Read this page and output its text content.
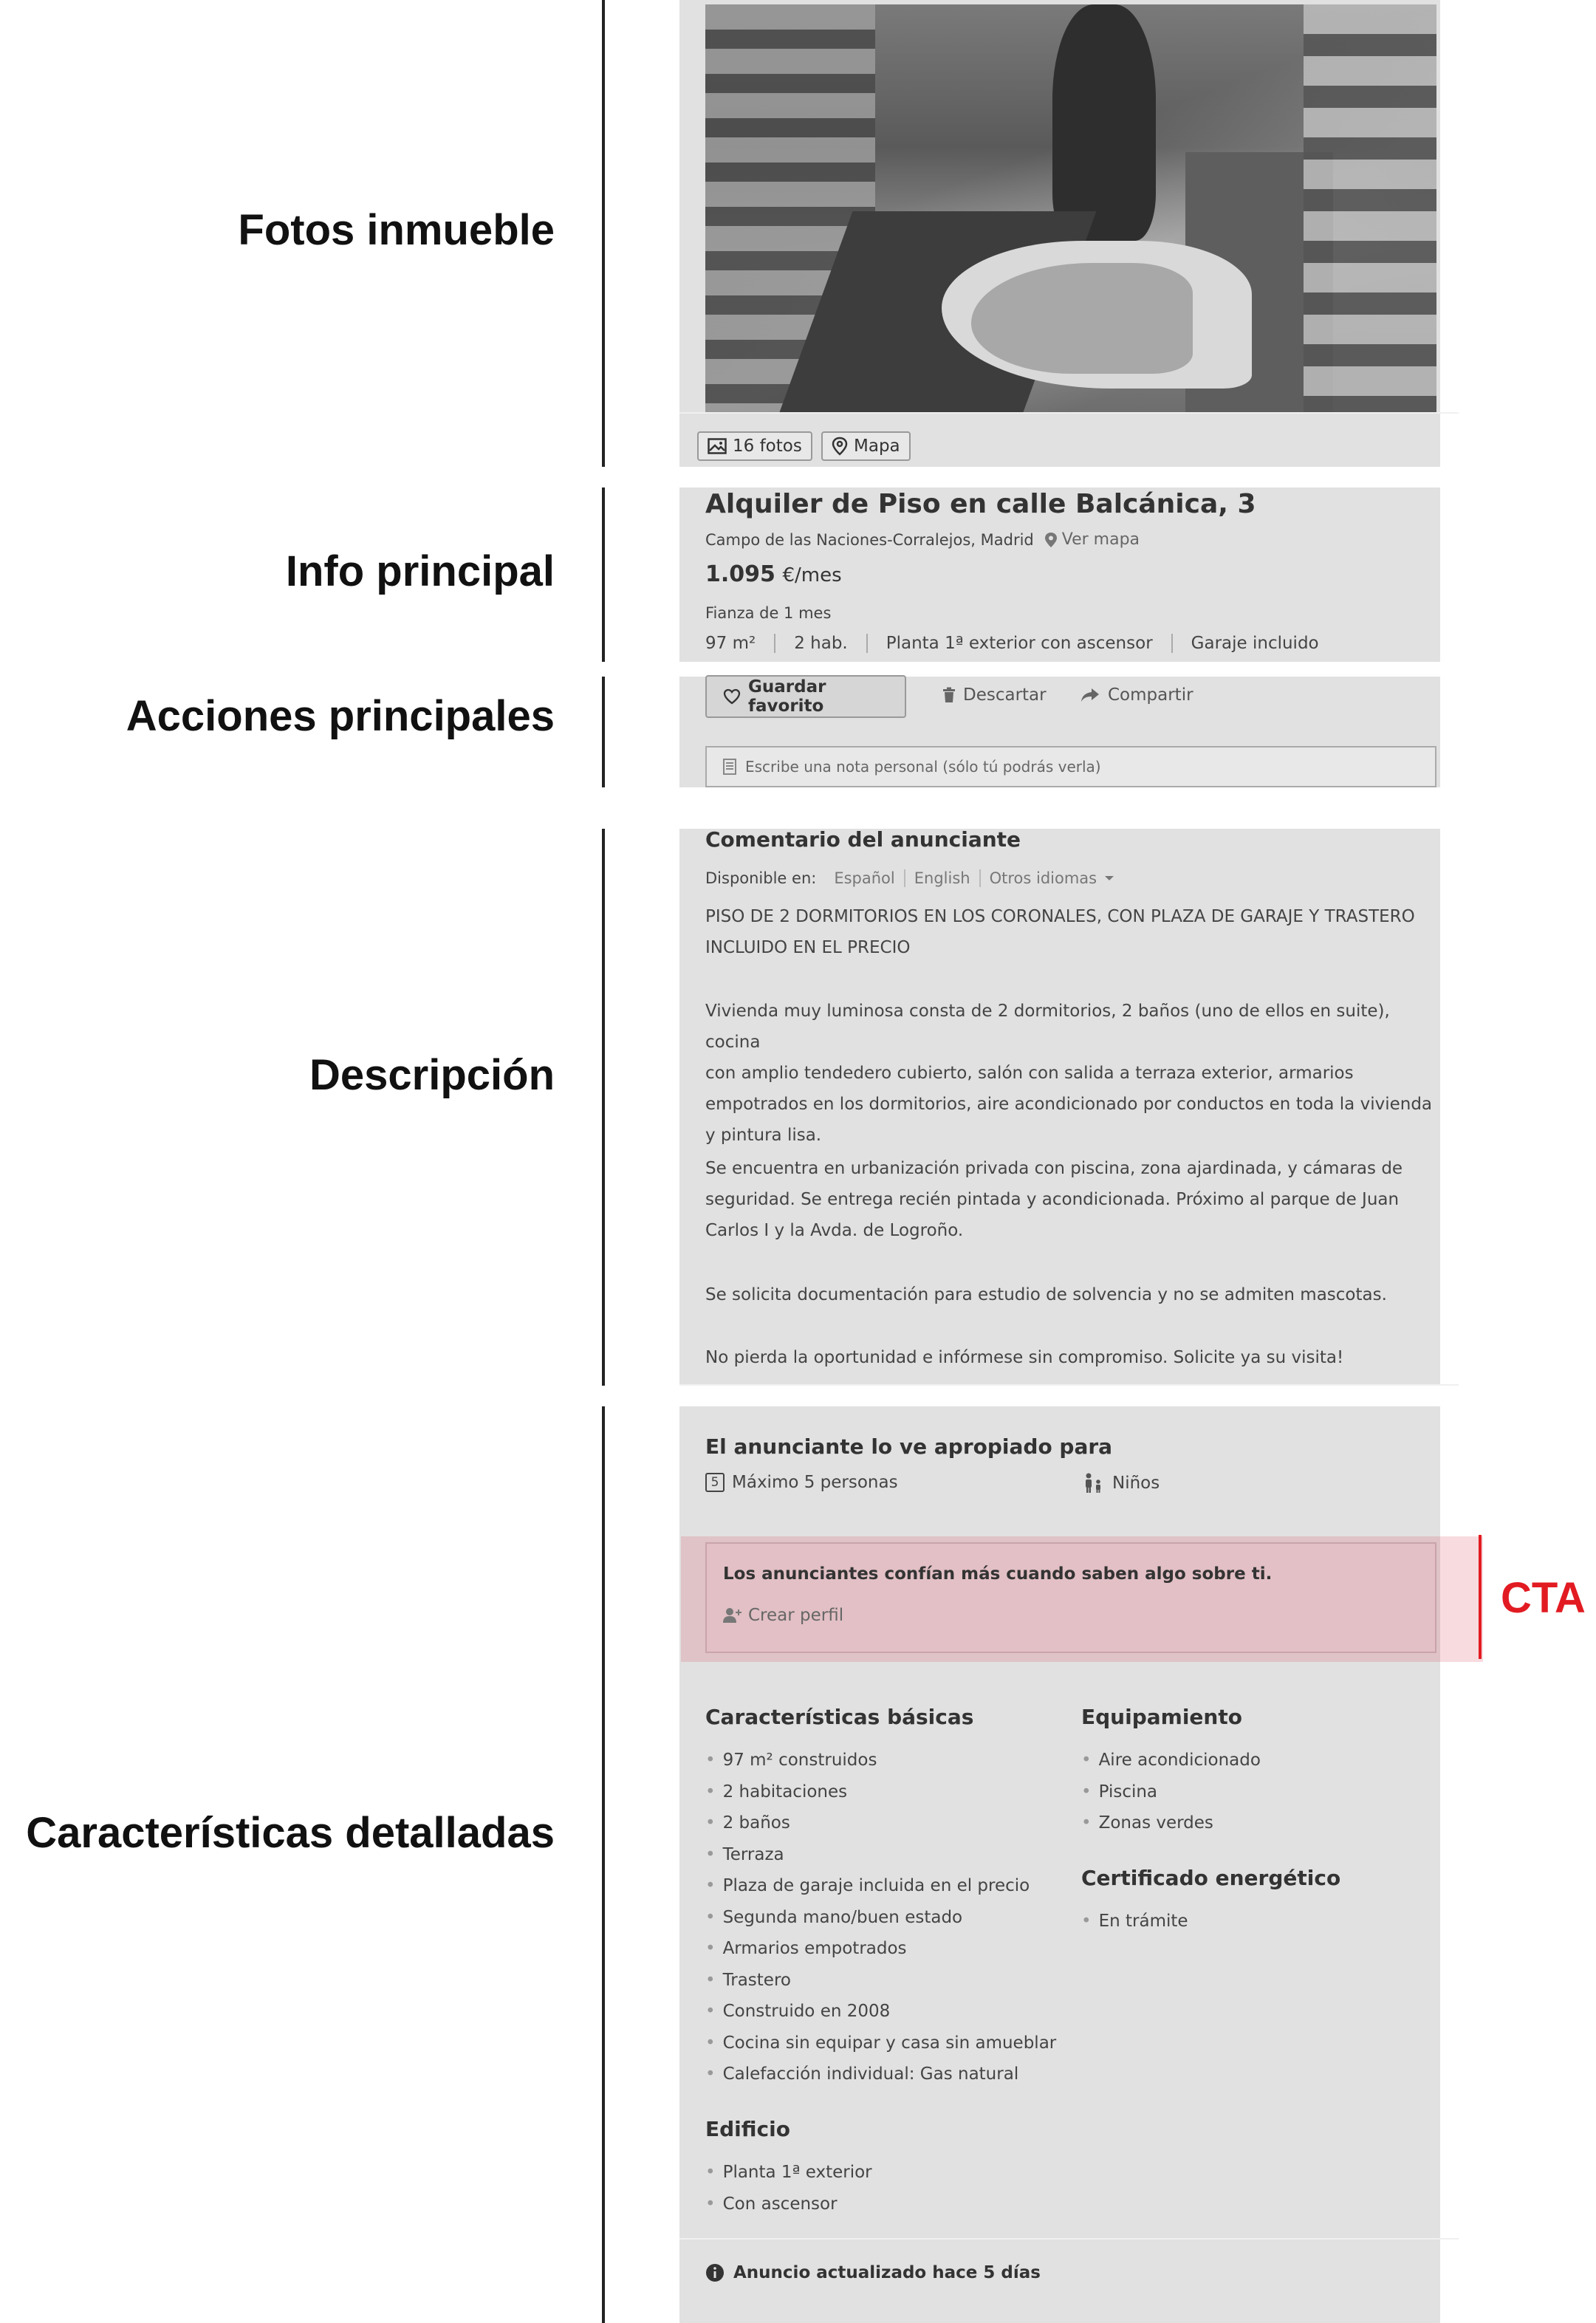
Fotos inmueble
Info principal
Acciones principales
Descripción
Características detalladas
16 fotos	Mapa
Alquiler de Piso en calle Balcánica, 3
Campo de las Naciones-Corralejos, Madrid Ver mapa
1.095 €/mes
Fianza de 1 mes
97 m²	2 hab.	Planta 1ª exterior con ascensor	Garaje incluido
Guardar favorito
Descartar	Compartir
Escribe una nota personal (sólo tú podrás verla)
Comentario del anunciante
Disponible en:	Español	English	Otros idiomas
PISO DE 2 DORMITORIOS EN LOS CORONALES, CON PLAZA DE GARAJE Y TRASTERO
INCLUIDO EN EL PRECIO
Vivienda muy luminosa consta de 2 dormitorios, 2 baños (uno de ellos en suite), cocina
con amplio tendedero cubierto, salón con salida a terraza exterior, armarios
empotrados en los dormitorios, aire acondicionado por conductos en toda la vivienda
y pintura lisa.
Se encuentra en urbanización privada con piscina, zona ajardinada, y cámaras de
seguridad. Se entrega recién pintada y acondicionada. Próximo al parque de Juan
Carlos I y la Avda. de Logroño.
Se solicita documentación para estudio de solvencia y no se admiten mascotas.
No pierda la oportunidad e infórmese sin compromiso. Solicite ya su visita!
El anunciante lo ve apropiado para
5 Máximo 5 personas	Niños
Los anunciantes confían más cuando saben algo sobre ti.
Crear perfil	CTA
Características básicas
• 97 m² construidos
• 2 habitaciones
• 2 baños
• Terraza
• Plaza de garaje incluida en el precio
• Segunda mano/buen estado
• Armarios empotrados
• Trastero
• Construido en 2008
• Cocina sin equipar y casa sin amueblar
• Calefacción individual: Gas natural
Equipamiento
• Aire acondicionado
• Piscina
• Zonas verdes
Certificado energético
• En trámite
Edificio
• Planta 1ª exterior
• Con ascensor
Anuncio actualizado hace 5 días
